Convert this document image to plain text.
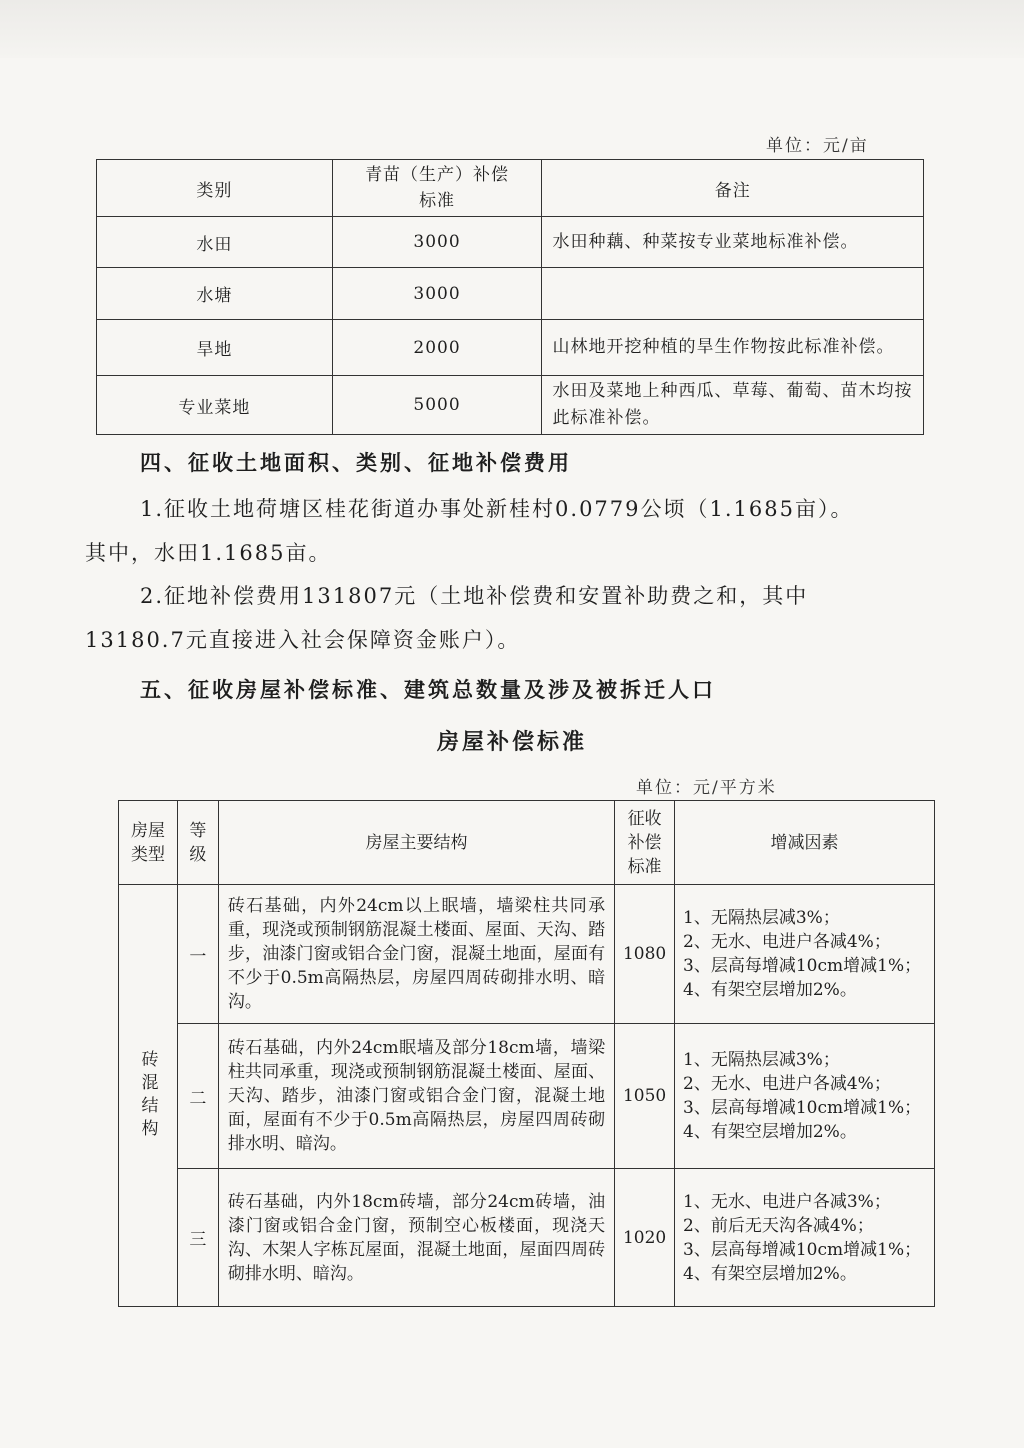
单位：元/亩
类别	青苗（生产）补偿标准	备注
水田	3000	水田种藕、种菜按专业菜地标准补偿。
水塘	3000	
旱地	2000	山林地开挖种植的旱生作物按此标准补偿。
专业菜地	5000	水田及菜地上种西瓜、草莓、葡萄、苗木均按此标准补偿。
四、征收土地面积、类别、征地补偿费用
1.征收土地荷塘区桂花街道办事处新桂村0.0779公顷（1.1685亩）。
其中，水田1.1685亩。
2.征地补偿费用131807元（土地补偿费和安置补助费之和，其中
13180.7元直接进入社会保障资金账户）。
五、征收房屋补偿标准、建筑总数量及涉及被拆迁人口
房屋补偿标准
单位：元/平方米
房屋类型	等级	房屋主要结构	征收补偿标准	增减因素

砖混结构	一	砖石基础，内外24cm以上眠墙，墙梁柱共同承重，现浇或预制钢筋混凝土楼面、屋面、天沟、踏步，油漆门窗或铝合金门窗，混凝土地面，屋面有不少于0.5m高隔热层，房屋四周砖砌排水明、暗沟。	1080	1、无隔热层减3%；
2、无水、电进户各减4%；
3、层高每增减10cm增减1%；
4、有架空层增加2%。

	二	砖石基础，内外24cm眠墙及部分18cm墙，墙梁柱共同承重，现浇或预制钢筋混凝土楼面、屋面、天沟、踏步，油漆门窗或铝合金门窗，混凝土地面，屋面有不少于0.5m高隔热层，房屋四周砖砌排水明、暗沟。	1050	1、无隔热层减3%；
2、无水、电进户各减4%；
3、层高每增减10cm增减1%；
4、有架空层增加2%。

	三	砖石基础，内外18cm砖墙，部分24cm砖墙，油漆门窗或铝合金门窗，预制空心板楼面，现浇天沟、木架人字栋瓦屋面，混凝土地面，屋面四周砖砌排水明、暗沟。	1020	1、无水、电进户各减3%；
2、前后无天沟各减4%；
3、层高每增减10cm增减1%；
4、有架空层增加2%。
